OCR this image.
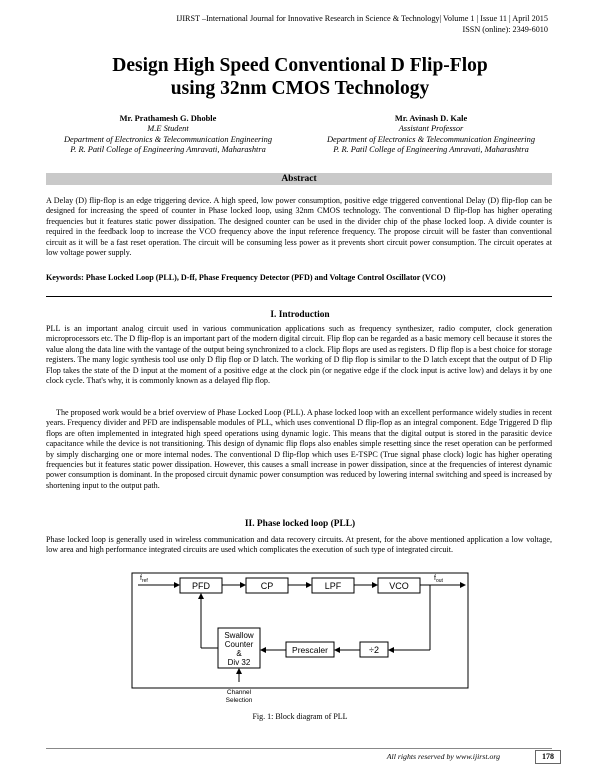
IJIRST –International Journal for Innovative Research in Science & Technology| Volume 1 | Issue 11 | April 2015
ISSN (online): 2349-6010
Design High Speed Conventional D Flip-Flop
using 32nm CMOS Technology
Mr. Prathamesh G. Dhoble
M.E Student
Department of Electronics & Telecommunication Engineering
P. R. Patil College of Engineering Amravati, Maharashtra
Mr. Avinash D. Kale
Assistant Professor
Department of Electronics & Telecommunication Engineering
P. R. Patil College of Engineering Amravati, Maharashtra
Abstract
A Delay (D) flip-flop is an edge triggering device. A high speed, low power consumption, positive edge triggered conventional Delay (D) flip-flop can be designed for increasing the speed of counter in Phase locked loop, using 32nm CMOS technology. The conventional D flip-flop has higher operating frequencies but it features static power dissipation. The designed counter can be used in the divider chip of the phase locked loop. A divide counter is required in the feedback loop to increase the VCO frequency above the input reference frequency. The propose circuit will be faster than conventional circuit as it will be a fast reset operation. The circuit will be consuming less power as it prevents short circuit power consumption. The circuit operates at low voltage power supply.
Keywords: Phase Locked Loop (PLL), D-ff, Phase Frequency Detector (PFD) and Voltage Control Oscillator (VCO)
I. Introduction
PLL is an important analog circuit used in various communication applications such as frequency synthesizer, radio computer, clock generation microprocessors etc. The D flip-flop is an important part of the modern digital circuit. Flip flop can be regarded as a basic memory cell because it stores the value along the data line with the vantage of the output being synchronized to a clock. Flip flops are used as registers. D flip flop is a best choice for storage registers. The many logic synthesis tool use only D flip flop or D latch. The working of D flip flop is similar to the D latch except that the output of D Flip Flop takes the state of the D input at the moment of a positive edge at the clock pin (or negative edge if the clock input is active low) and delays it by one clock cycle. That's why, it is commonly known as a delayed flip flop.
The proposed work would be a brief overview of Phase Locked Loop (PLL). A phase locked loop with an excellent performance widely studies in recent years. Frequency divider and PFD are indispensable modules of PLL, which uses conventional D flip-flop as an integral component. Edge Triggered D flip flops are often implemented in integrated high speed operations using dynamic logic. This means that the digital output is stored in the parasitic device capacitance while the device is not transitioning. This design of dynamic flip flops also enables simple resetting since the reset operation can be performed by simply discharging one or more internal nodes. The conventional D flip-flop which uses E-TSPC (True signal phase clock) logic has higher operating frequencies but it features static power dissipation. However, this causes a small increase in power dissipation, since at the frequencies of interest dynamic power consumption is dominant. In the proposed circuit dynamic power consumption was reduced by lowering internal switching and speed is increased by shortening input to the output path.
II. Phase locked loop (PLL)
Phase locked loop is generally used in wireless communication and data recovery circuits. At present, for the above mentioned application a low voltage, low area and high performance integrated circuits are used which complicates the execution of such type of integrated circuit.
PFD	CP	LPF	VCO
$f_{ref}$	$f_{out}$
÷2
Prescaler
Swallow
Counter
&
Div 32
Channel
Selection
Fig. 1: Block diagram of PLL
All rights reserved by www.ijirst.org	178
